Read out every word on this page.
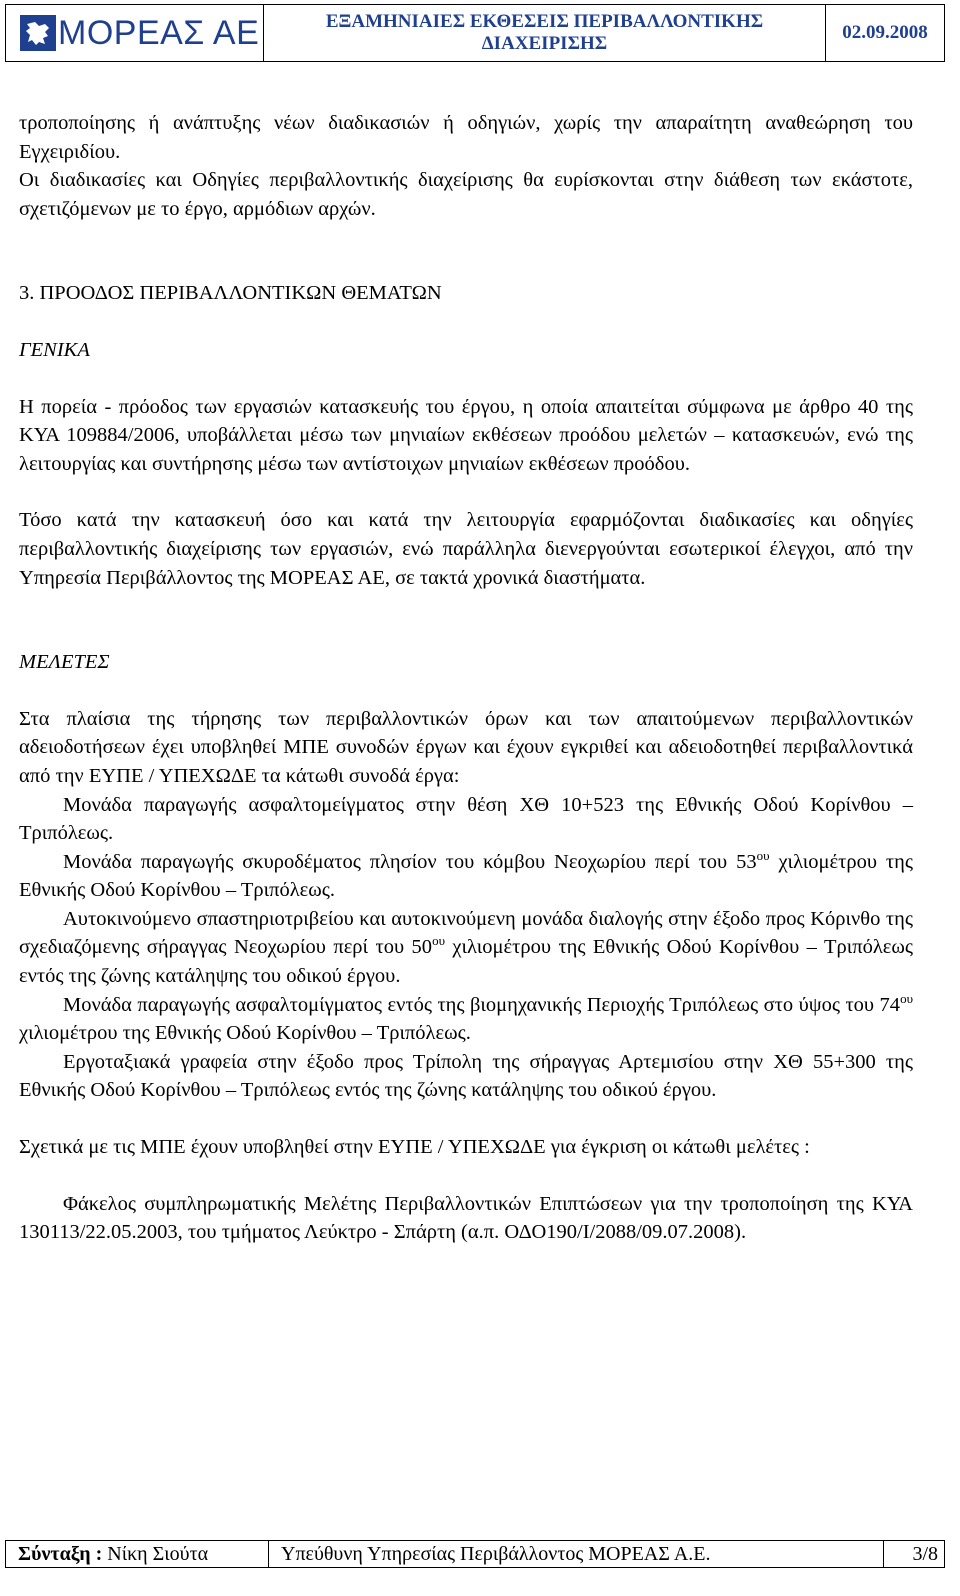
ΜΟΡΕΑΣ ΑΕ	ΕΞΑΜΗΝΙΑΙΕΣ ΕΚΘΕΣΕΙΣ ΠΕΡΙΒΑΛΛΟΝΤΙΚΗΣ
ΔΙΑΧΕΙΡΙΣΗΣ
02.09.2008

τροποποίησης ή ανάπτυξης νέων διαδικασιών ή οδηγιών, χωρίς την απαραίτητη αναθεώρηση του Εγχειριδίου.

Οι διαδικασίες και Οδηγίες περιβαλλοντικής διαχείρισης θα ευρίσκονται στην διάθεση των εκάστοτε, σχετιζόμενων με το έργο, αρμόδιων αρχών.

3. ΠΡΟΟΔΟΣ ΠΕΡΙΒΑΛΛΟΝΤΙΚΩΝ ΘΕΜΑΤΩΝ
ΓΕΝΙΚΑ

Η πορεία - πρόοδος των εργασιών κατασκευής του έργου, η οποία απαιτείται σύμφωνα με άρθρο 40 της ΚΥΑ 109884/2006, υποβάλλεται μέσω των μηνιαίων εκθέσεων προόδου μελετών – κατασκευών, ενώ της λειτουργίας και συντήρησης μέσω των αντίστοιχων μηνιαίων εκθέσεων προόδου.

Τόσο κατά την κατασκευή όσο και κατά την λειτουργία εφαρμόζονται διαδικασίες και οδηγίες περιβαλλοντικής διαχείρισης των εργασιών, ενώ παράλληλα διενεργούνται εσωτερικοί έλεγχοι, από την Υπηρεσία Περιβάλλοντος της ΜΟΡΕΑΣ ΑΕ, σε τακτά χρονικά διαστήματα.

ΜΕΛΕΤΕΣ

Στα πλαίσια της τήρησης των περιβαλλοντικών όρων και των απαιτούμενων περιβαλλοντικών αδειοδοτήσεων έχει υποβληθεί ΜΠΕ συνοδών έργων και έχουν εγκριθεί και αδειοδοτηθεί περιβαλλοντικά από την ΕΥΠΕ / ΥΠΕΧΩΔΕ τα κάτωθι συνοδά έργα:

Μονάδα παραγωγής ασφαλτομείγματος στην θέση ΧΘ 10+523 της Εθνικής Οδού Κορίνθου – Τριπόλεως.
Μονάδα παραγωγής σκυροδέματος πλησίον του κόμβου Νεοχωρίου περί του $53^{o\upsilon}$ χιλιομέτρου της Εθνικής Οδού Κορίνθου – Τριπόλεως.
Αυτοκινούμενο σπαστηριοτριβείου και αυτοκινούμενη μονάδα διαλογής στην έξοδο προς Κόρινθο της σχεδιαζόμενης σήραγγας Νεοχωρίου περί του $50^{o\upsilon}$ χιλιομέτρου της Εθνικής Οδού Κορίνθου – Τριπόλεως εντός της ζώνης κατάληψης του οδικού έργου.
Μονάδα παραγωγής ασφαλτομίγματος εντός της βιομηχανικής Περιοχής Τριπόλεως στο ύψος του $74^{o\upsilon}$ χιλιομέτρου της Εθνικής Οδού Κορίνθου – Τριπόλεως.
Εργοταξιακά γραφεία στην έξοδο προς Τρίπολη της σήραγγας Αρτεμισίου στην ΧΘ 55+300 της Εθνικής Οδού Κορίνθου – Τριπόλεως εντός της ζώνης κατάληψης του οδικού έργου.

Σχετικά με τις ΜΠΕ έχουν υποβληθεί στην ΕΥΠΕ / ΥΠΕΧΩΔΕ για έγκριση οι κάτωθι μελέτες :

Φάκελος συμπληρωματικής Μελέτης Περιβαλλοντικών Επιπτώσεων για την τροποποίηση της ΚΥΑ 130113/22.05.2003, του τμήματος Λεύκτρο - Σπάρτη (α.π. ΟΔΟ190/Ι/2088/09.07.2008).
Σύνταξη : Νίκη Σιούτα	Υπεύθυνη Υπηρεσίας Περιβάλλοντος ΜΟΡΕΑΣ Α.Ε.	3/8
